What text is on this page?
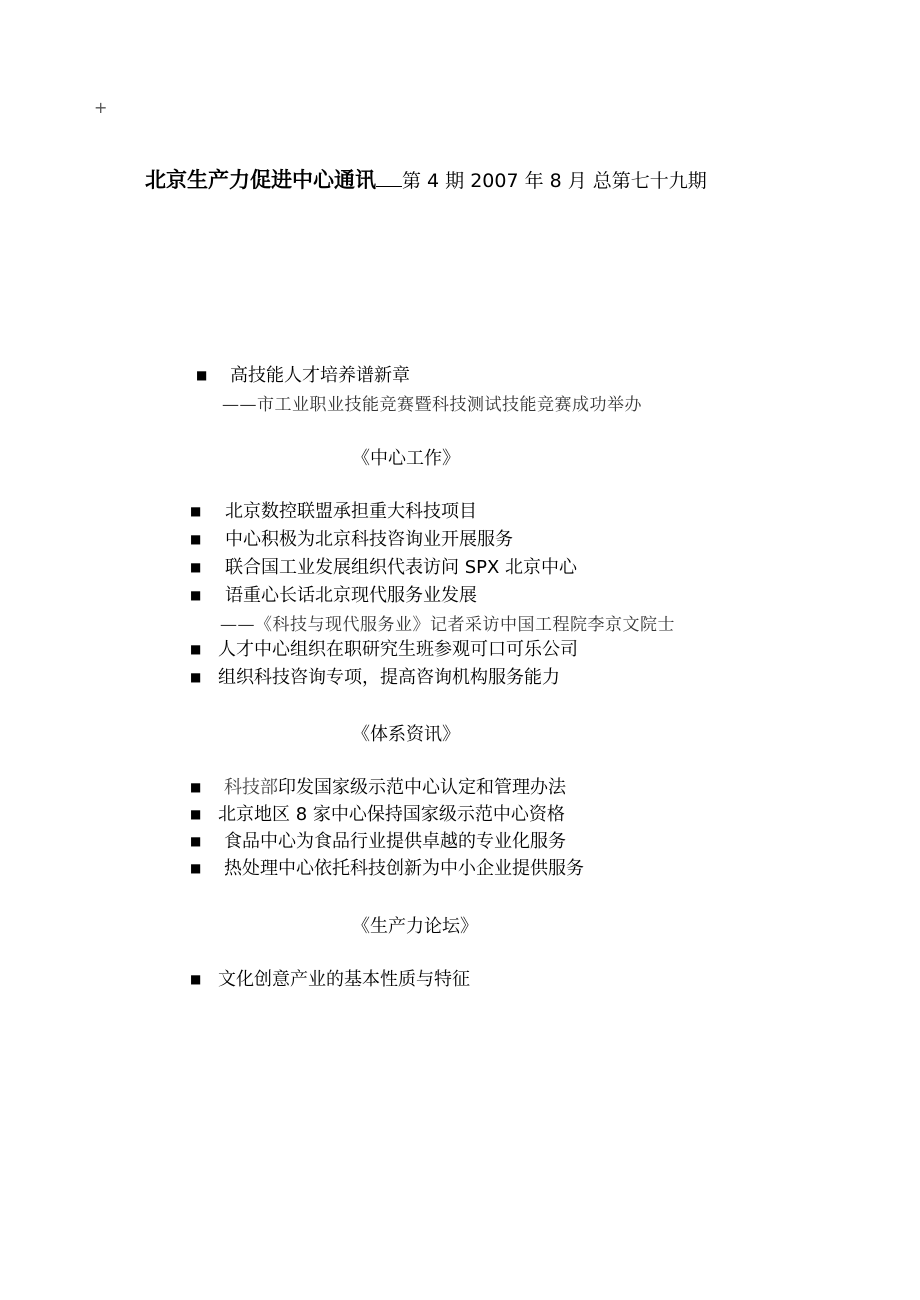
+
北京生产力促进中心通讯 第 4 期 2007 年 8 月 总第七十九期
■ 高技能人才培养谱新章
——市工业职业技能竞赛暨科技测试技能竞赛成功举办
《中心工作》
■ 北京数控联盟承担重大科技项目
■ 中心积极为北京科技咨询业开展服务
■ 联合国工业发展组织代表访问 SPX 北京中心
■ 语重心长话北京现代服务业发展
——《科技与现代服务业》记者采访中国工程院李京文院士
■ 人才中心组织在职研究生班参观可口可乐公司
■ 组织科技咨询专项，提高咨询机构服务能力
《体系资讯》
■ 科技部印发国家级示范中心认定和管理办法
■ 北京地区 8 家中心保持国家级示范中心资格
■ 食品中心为食品行业提供卓越的专业化服务
■ 热处理中心依托科技创新为中小企业提供服务
《生产力论坛》
■ 文化创意产业的基本性质与特征
